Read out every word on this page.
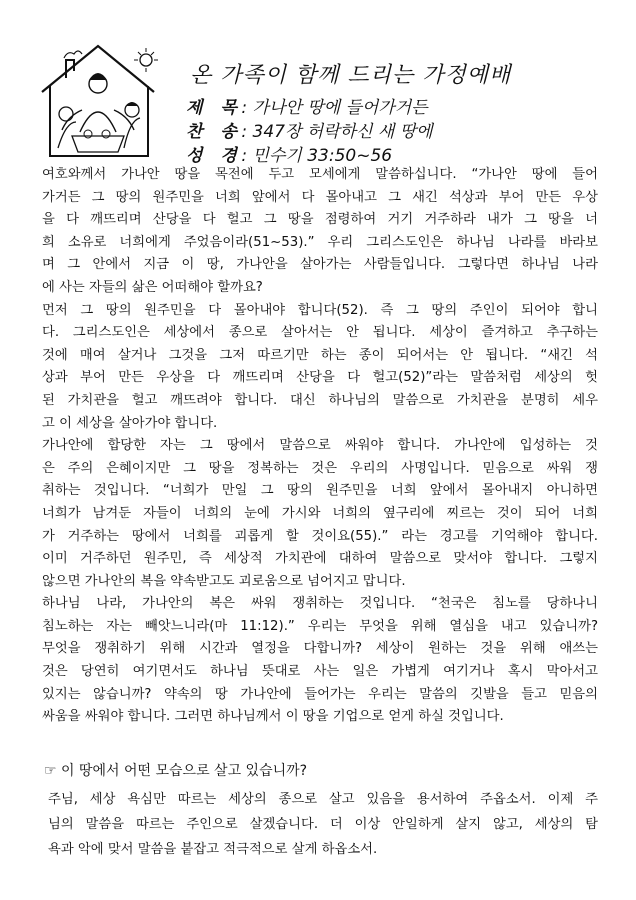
온 가족이 함께 드리는 가정예배
제 목 : 가나안 땅에 들어가거든
찬 송 : 347장 허락하신 새 땅에
성 경 : 민수기 33:50~56
여호와께서 가나안 땅을 목전에 두고 모세에게 말씀하십니다. “가나안 땅에 들어
가거든 그 땅의 원주민을 너희 앞에서 다 몰아내고 그 새긴 석상과 부어 만든 우상
을 다 깨뜨리며 산당을 다 헐고 그 땅을 점령하여 거기 거주하라 내가 그 땅을 너
희 소유로 너희에게 주었음이라(51~53).” 우리 그리스도인은 하나님 나라를 바라보
며 그 안에서 지금 이 땅, 가나안을 살아가는 사람들입니다. 그렇다면 하나님 나라
에 사는 자들의 삶은 어떠해야 할까요?
먼저 그 땅의 원주민을 다 몰아내야 합니다(52). 즉 그 땅의 주인이 되어야 합니
다. 그리스도인은 세상에서 종으로 살아서는 안 됩니다. 세상이 즐겨하고 추구하는
것에 매여 살거나 그것을 그저 따르기만 하는 종이 되어서는 안 됩니다. “새긴 석
상과 부어 만든 우상을 다 깨뜨리며 산당을 다 헐고(52)”라는 말씀처럼 세상의 헛
된 가치관을 헐고 깨뜨려야 합니다. 대신 하나님의 말씀으로 가치관을 분명히 세우
고 이 세상을 살아가야 합니다.
가나안에 합당한 자는 그 땅에서 말씀으로 싸워야 합니다. 가나안에 입성하는 것
은 주의 은혜이지만 그 땅을 정복하는 것은 우리의 사명입니다. 믿음으로 싸워 쟁
취하는 것입니다. “너희가 만일 그 땅의 원주민을 너희 앞에서 몰아내지 아니하면
너희가 남겨둔 자들이 너희의 눈에 가시와 너희의 옆구리에 찌르는 것이 되어 너희
가 거주하는 땅에서 너희를 괴롭게 할 것이요(55).” 라는 경고를 기억해야 합니다.
이미 거주하던 원주민, 즉 세상적 가치관에 대하여 말씀으로 맞서야 합니다. 그렇지
않으면 가나안의 복을 약속받고도 괴로움으로 넘어지고 맙니다.
하나님 나라, 가나안의 복은 싸워 쟁취하는 것입니다. “천국은 침노를 당하나니
침노하는 자는 빼앗느니라(마 11:12).” 우리는 무엇을 위해 열심을 내고 있습니까?
무엇을 쟁취하기 위해 시간과 열정을 다합니까? 세상이 원하는 것을 위해 애쓰는
것은 당연히 여기면서도 하나님 뜻대로 사는 일은 가볍게 여기거나 혹시 막아서고
있지는 않습니까? 약속의 땅 가나안에 들어가는 우리는 말씀의 깃발을 들고 믿음의
싸움을 싸워야 합니다. 그러면 하나님께서 이 땅을 기업으로 얻게 하실 것입니다.
☞ 이 땅에서 어떤 모습으로 살고 있습니까?
주님, 세상 욕심만 따르는 세상의 종으로 살고 있음을 용서하여 주옵소서. 이제 주
님의 말씀을 따르는 주인으로 살겠습니다. 더 이상 안일하게 살지 않고, 세상의 탐
욕과 악에 맞서 말씀을 붙잡고 적극적으로 살게 하옵소서.
